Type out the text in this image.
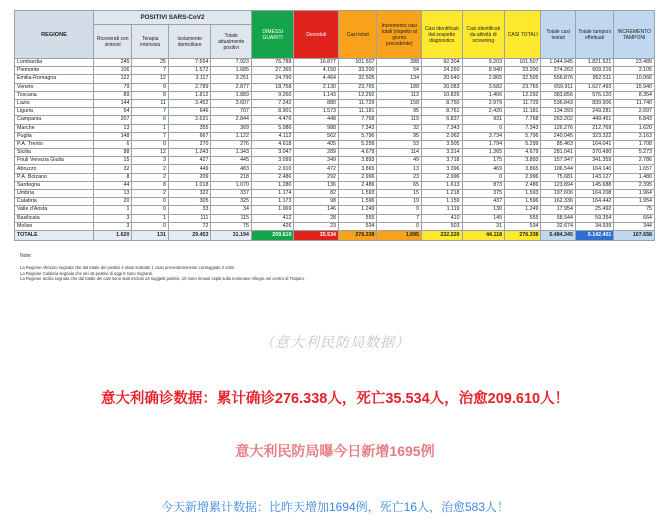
REGIONE	POSITIVI SARS-CoV2				DIMESSI GUARITI	Deceduti	Casi totali	Incremento casi totali (rispetto al giorno precedente)	Casi identificati dal sospetto diagnostico	Casi identificati da attività di screening	CASI TOTALI	Totale casi testati	Totale tamponi effettuati	INCREMENTO TAMPONI
	Ricoverati con sintomi	Terapia intensiva	Isolamento domiciliare	Totale attualmente positivi										
Lombardia	245	25	7.654	7.923	76.788	16.877	101.507	388	92.304	9.203	101.507	1.044.945	1.821.521	23.489
Piemonte	106	7	1.572	1.685	27.365	4.150	33.200	54	24.260	8.940	33.200	374.263	609.216	3.105
Emilia-Romagna	122	12	3.117	3.251	24.790	4.464	32.505	134	20.640	2.865	32.505	556.876	952.511	10.066
Veneto	79	9	2.789	2.877	18.758	2.130	23.765	188	20.083	3.682	23.765	659.911	1.627.493	15.940
Toscana	89	8	1.812	1.889	9.260	1.143	12.292	113	10.826	1.466	12.292	383.856	576.120	8.354
Lazio	144	11	3.452	3.607	7.242	880	11.729	158	8.750	2.979	11.729	536.843	839.906	11.740
Liguria	54	7	646	707	8.901	1.573	11.181	95	8.761	2.420	11.181	134.393	249.281	2.697
Campania	207	6	2.631	2.844	4.476	448	7.768	119	6.837	931	7.768	263.202	449.451	6.843
Marche	13	1	355	369	5.086	988	7.343	32	7.343	0	7.343	126.276	212.769	1.620
Puglia	148	7	667	1.122	4.112	562	5.796	95	2.062	3.734	5.796	240.045	323.322	3.163
P.A. Trento	6	0	270	276	4.618	405	5.299	53	3.505	1.794	5.299	85.463	164.041	1.708
Sicilia	88	12	1.243	1.343	3.047	289	4.679	114	3.314	1.365	4.679	281.041	370.490	5.273
Friuli Venezia Giulia	15	3	427	445	3.099	349	3.893	49	3.718	175	3.893	157.947	341.359	2.786
Abruzzo	32	2	449	483	2.910	472	3.865	13	3.396	469	3.865	106.544	164.140	1.657
P.A. Bolzano	8	2	209	218	2.486	292	2.996	23	2.996	0	2.996	75.681	143.127	1.480
Sardegna	44	8	1.018	1.070	1.280	136	2.486	65	1.613	873	2.486	123.894	145.688	2.395
Umbria	13	2	322	337	1.174	82	1.593	15	1.218	375	1.593	107.606	164.208	1.964
Calabria	20	0	305	325	1.173	98	1.596	19	1.159	437	1.596	162.336	164.442	1.954
Valle d'Aosta	1	0	33	34	1.069	146	1.249	0	1.119	130	1.249	17.954	25.492	75
Basilicata	3	1	111	115	412	28	555	7	410	145	555	58.544	59.354	664
Molise	3	0	72	75	426	23	534	0	503	31	534	32.674	34.939	344
TOTALE	1.620	131	29.453	31.194	209.610	35.534	276.338	1.695	232.220	44.118	276.338	5.484.345	9.142.401	107.658
Note:
La Regione Abruzzo segnala che dal totale dei positivi è stato sottratto 1 caso precedentemente conteggiato 2 volte.
La Regione Calabria segnala che dei 16 positivi di oggi 6 sono migranti.
La Regione Sicilia segnala che dal totale dei casi sono stati esclusi 14 soggetti positivi, 10 sono rimasti ospiti sulla motonave Allegra nel centro di Trapani.
（意大利民防局数据）
意大利确诊数据：累计确诊276.338人，死亡35.534人，治愈209.610人！
意大利民防局曝今日新增1695例
今天新增累计数据：比昨天增加1694例，死亡16人，治愈583人！
